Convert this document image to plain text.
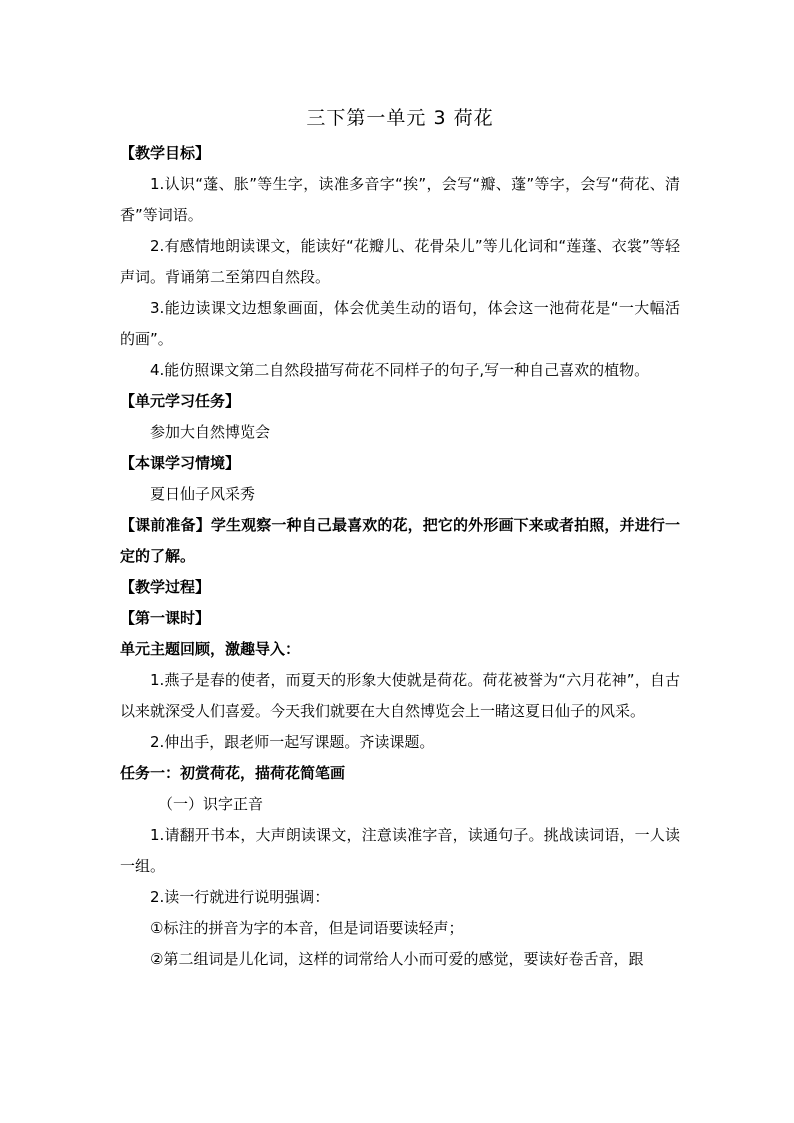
三下第一单元 3 荷花

【教学目标】

1.认识“蓬、胀”等生字，读准多音字“挨”，会写“瓣、蓬”等字，会写“荷花、清香”等词语。

2.有感情地朗读课文，能读好“花瓣儿、花骨朵儿”等儿化词和“莲蓬、衣裳”等轻声词。背诵第二至第四自然段。

3.能边读课文边想象画面，体会优美生动的语句，体会这一池荷花是“一大幅活的画”。

4.能仿照课文第二自然段描写荷花不同样子的句子,写一种自己喜欢的植物。

【单元学习任务】

参加大自然博览会

【本课学习情境】

夏日仙子风采秀

【课前准备】学生观察一种自己最喜欢的花，把它的外形画下来或者拍照，并进行一定的了解。

【教学过程】

【第一课时】

单元主题回顾，激趣导入：

1.燕子是春的使者，而夏天的形象大使就是荷花。荷花被誉为“六月花神”，自古以来就深受人们喜爱。今天我们就要在大自然博览会上一睹这夏日仙子的风采。

2.伸出手，跟老师一起写课题。齐读课题。

任务一：初赏荷花，描荷花简笔画

（一）识字正音

1.请翻开书本，大声朗读课文，注意读准字音，读通句子。挑战读词语，一人读一组。

2.读一行就进行说明强调：

①标注的拼音为字的本音，但是词语要读轻声；

②第二组词是儿化词，这样的词常给人小而可爱的感觉，要读好卷舌音，跟
